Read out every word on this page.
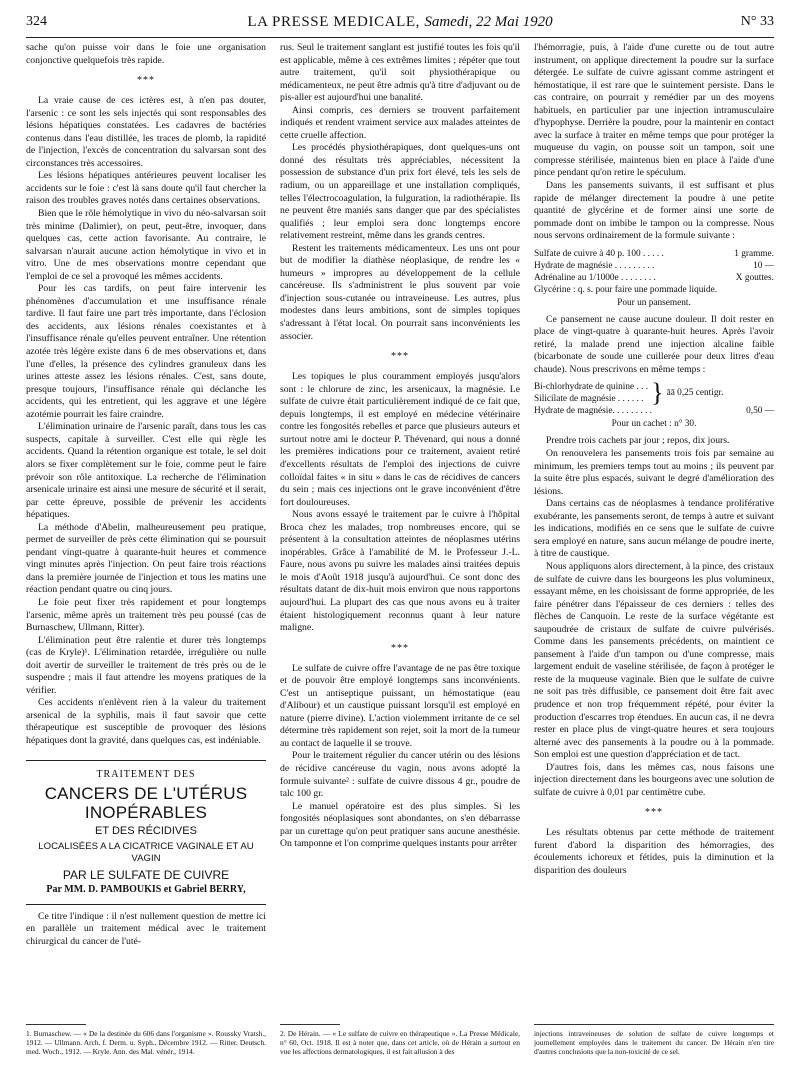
324	LA PRESSE MEDICALE, Samedi, 22 Mai 1920	N° 33

sache qu'on puisse voir dans le foie une organisation conjonctive quelquefois très rapide.

***

La vraie cause de ces ictères est, à n'en pas douter, l'arsenic : ce sont les sels injectés qui sont responsables des lésions hépatiques constatées. Les cadavres de bactéries contenus dans l'eau distillée, les traces de plomb, la rapidité de l'injection, l'excès de concentration du salvarsan sont des circonstances très accessoires.

Les lésions hépatiques antérieures peuvent localiser les accidents sur le foie : c'est là sans doute qu'il faut chercher la raison des troubles graves notés dans certaines observations.

Bien que le rôle hémolytique in vivo du néo-salvarsan soit très minime (Dalimier), on peut, peut-être, invoquer, dans quelques cas, cette action favorisante. Au contraire, le salvarsan n'aurait aucune action hémolytique in vivo et in vitro. Une de mes observations montre cependant que l'emploi de ce sel a provoqué les mêmes accidents.

Pour les cas tardifs, on peut faire intervenir les phénomènes d'accumulation et une insuffisance rénale tardive. Il faut faire une part très importante, dans l'éclosion des accidents, aux lésions rénales coexistantes et à l'insuffisance rénale qu'elles peuvent entraîner. Une rétention azotée très légère existe dans 6 de mes observations et, dans l'une d'elles, la présence des cylindres granuleux dans les urines atteste assez les lésions rénales. C'est, sans doute, presque toujours, l'insuffisance rénale qui déclanche les accidents, qui les entretient, qui les aggrave et une légère azotémie pourrait les faire craindre.

L'élimination urinaire de l'arsenic paraît, dans tous les cas suspects, capitale à surveiller. C'est elle qui règle les accidents. Quand la rétention organique est totale, le sel doit alors se fixer complètement sur le foie, comme peut le faire prévoir son rôle antitoxique. La recherche de l'élimination arsenicale urinaire est ainsi une mesure de sécurité et il serait, par cette épreuve, possible de prévenir les accidents hépatiques.

La méthode d'Abelin, malheureusement peu pratique, permet de surveiller de près cette élimination qui se poursuit pendant vingt-quatre à quarante-huit heures et commence vingt minutes après l'injection. On peut faire trois réactions dans la première journée de l'injection et tous les matins une réaction pendant quatre ou cinq jours.

Le foie peut fixer très rapidement et pour longtemps l'arsenic, même après un traitement très peu poussé (cas de Burnaschew, Ullmann, Ritter).

L'élimination peut être ralentie et durer très longtemps (cas de Kryle)¹. L'élimination retardée, irrégulière ou nulle doit avertir de surveiller le traitement de très près ou de le suspendre ; mais il faut attendre les moyens pratiques de la vérifier.

Ces accidents n'enlèvent rien à la valeur du traitement arsenical de la syphilis, mais il faut savoir que cette thérapeutique est susceptible de provoquer des lésions hépatiques dont la gravité, dans quelques cas, est indéniable.

TRAITEMENT DES
CANCERS DE L'UTÉRUS INOPÉRABLES
ET DES RÉCIDIVES
LOCALISÉES A LA CICATRICE VAGINALE ET AU VAGIN
PAR LE SULFATE DE CUIVRE
Par MM. D. PAMBOUKIS et Gabriel BERRY,

Ce titre l'indique : il n'est nullement question de mettre ici en parallèle un traitement médical avec le traitement chirurgical du cancer de l'uté-

rus. Seul le traitement sanglant est justifié toutes les fois qu'il est applicable, même à ces extrêmes limites ; répéter que tout autre traitement, qu'il soit physiothérapique ou médicamenteux, ne peut être admis qu'à titre d'adjuvant ou de pis-aller est aujourd'hui une banalité.

Ainsi compris, ces derniers se trouvent parfaitement indiqués et rendent vraiment service aux malades atteintes de cette cruelle affection.

Les procédés physiothérapiques, dont quelques-uns ont donné des résultats très appréciables, nécessitent la possession de substance d'un prix fort élevé, tels les sels de radium, ou un appareillage et une installation compliqués, telles l'électrocoagulation, la fulguration, la radiothérapie. Ils ne peuvent être maniés sans danger que par des spécialistes qualifiés ; leur emploi sera donc longtemps encore relativement restreint, même dans les grands centres.

Restent les traitements médicamenteux. Les uns ont pour but de modifier la diathèse néoplasique, de rendre les « humeurs » impropres au développement de la cellule cancéreuse. Ils s'administrent le plus souvent par voie d'injection sous-cutanée ou intraveineuse. Les autres, plus modestes dans leurs ambitions, sont de simples topiques s'adressant à l'état local. On pourrait sans inconvénients les associer.

***

Les topiques le plus couramment employés jusqu'alors sont : le chlorure de zinc, les arsenicaux, la magnésie. Le sulfate de cuivre était particulièrement indiqué de ce fait que, depuis longtemps, il est employé en médecine vétérinaire contre les fongosités rebelles et parce que plusieurs auteurs et surtout notre ami le docteur P. Thévenard, qui nous a donné les premières indications pour ce traitement, avaient retiré d'excellents résultats de l'emploi des injections de cuivre colloïdal faites « in situ » dans le cas de récidives de cancers du sein ; mais ces injections ont le grave inconvénient d'être fort douloureuses.

Nous avons essayé le traitement par le cuivre à l'hôpital Broca chez les malades, trop nombreuses encore, qui se présentent à la consultation atteintes de néoplasmes utérins inopérables. Grâce à l'amabilité de M. le Professeur J.-L. Faure, nous avons pu suivre les malades ainsi traitées depuis le mois d'Août 1918 jusqu'à aujourd'hui. Ce sont donc des résultats datant de dix-huit mois environ que nous rapportons aujourd'hui. La plupart des cas que nous avons eu à traiter étaient histologiquement reconnus quant à leur nature maligne.

***

Le sulfate de cuivre offre l'avantage de ne pas être toxique et de pouvoir être employé longtemps sans inconvénients. C'est un antiseptique puissant, un hémostatique (eau d'Alibour) et un caustique puissant lorsqu'il est employé en nature (pierre divine). L'action violemment irritante de ce sel détermine très rapidement son rejet, soit la mort de la tumeur au contact de laquelle il se trouve.

Pour le traitement régulier du cancer utérin ou des lésions de récidive cancéreuse du vagin, nous avons adopté la formule suivante² : sulfate de cuivre dissous 4 gr., poudre de talc 100 gr.

Le manuel opératoire est des plus simples. Si les fongosités néoplasiques sont abondantes, on s'en débarrasse par un curettage qu'on peut pratiquer sans aucune anesthésie. On tamponne et l'on comprime quelques instants pour arrêter

l'hémorragie, puis, à l'aide d'une curette ou de tout autre instrument, on applique directement la poudre sur la surface détergée. Le sulfate de cuivre agissant comme astringent et hémostatique, il est rare que le suintement persiste. Dans le cas contraire, on pourrait y remédier par un des moyens habituels, en particulier par une injection intramusculaire d'hypophyse. Derrière la poudre, pour la maintenir en contact avec la surface à traiter en même temps que pour protéger la muqueuse du vagin, on pousse soit un tampon, soit une compresse stérilisée, maintenus bien en place à l'aide d'une pince pendant qu'on retire le spéculum.

Dans les pansements suivants, il est suffisant et plus rapide de mélanger directement la poudre à une petite quantité de glycérine et de former ainsi une sorte de pommade dont on imbibe le tampon ou la compresse. Nous nous servons ordinairement de la formule suivante :

Sulfate de cuivre à 40 p. 100 . . . . .	1 gramme.
Hydrate de magnésie . . . . . . . . .	10 —
Adrénaline au 1/1000e . . . . . . . .	X gouttes.
Glycérine : q. s. pour faire une pommade liquide.
Pour un pansement.

Ce pansement ne cause aucune douleur. Il doit rester en place de vingt-quatre à quarante-huit heures. Après l'avoir retiré, la malade prend une injection alcaline faible (bicarbonate de soude une cuillerée pour deux litres d'eau chaude). Nous prescrivons en même temps :

Bi-chlorhydrate de quinine . . .
Silicilate de magnésie . . . . . . } āā 0,25 centigr.
Hydrate de magnésie. . . . . . . . .	0,50 —
Pour un cachet : n° 30.

Prendre trois cachets par jour ; repos, dix jours.

On renouvelera les pansements trois fois par semaine au minimum, les premiers temps tout au moins ; ils peuvent par la suite être plus espacés, suivant le degré d'amélioration des lésions.

Dans certains cas de néoplasmes à tendance proliférative exubérante, les pansements seront, de temps à autre et suivant les indications, modifiés en ce sens que le sulfate de cuivre sera employé en nature, sans aucun mélange de poudre inerte, à titre de caustique.

Nous appliquons alors directement, à la pince, des cristaux de sulfate de cuivre dans les bourgeons les plus volumineux, essayant même, en les choisissant de forme appropriée, de les faire pénétrer dans l'épaisseur de ces derniers : telles des flèches de Canquoin. Le reste de la surface végétante est saupoudrée de cristaux de sulfate de cuivre pulvérisés. Comme dans les pansements précédents, on maintient ce pansement à l'aide d'un tampon ou d'une compresse, mais largement enduit de vaseline stérilisée, de façon à protéger le reste de la muqueuse vaginale. Bien que le sulfate de cuivre ne soit pas très diffusible, ce pansement doit être fait avec prudence et non trop fréquemment répété, pour éviter la production d'escarres trop étendues. En aucun cas, il ne devra rester en place plus de vingt-quatre heures et sera toujours alterné avec des pansements à la poudre ou à la pommade. Son emploi est une question d'appréciation et de tact.

D'autres fois, dans les mêmes cas, nous faisons une injection directement dans les bourgeons avec une solution de sulfate de cuivre à 0,01 par centimètre cube.

***

Les résultats obtenus par cette méthode de traitement furent d'abord la disparition des hémorragies, des écoulements ichoreux et fétides, puis la diminution et la disparition des douleurs

1. Burnaschew. — « De la destinée du 606 dans l'organisme ». Roussky Vratsh., 1912. — Ullmann. Arch. f. Derm. u. Syph., Décembre 1912. — Ritter. Deutsch. med. Woch., 1912. — Kryle. Ann. des Mal. vénér., 1914.
2. De Hérain. — « Le sulfate de cuivre en thérapeutique ». La Presse Médicale, n° 60, Oct. 1918. Il est à noter que, dans cet article, où de Hérain a surtout en vue les affections dermatologiques, il est fait allusion à des
injections intraveineuses de solution de sulfate de cuivre longtemps et journellement employées dans le traitement du cancer. De Hérain n'en tire d'autres conclusions que la non-toxicité de ce sel.
